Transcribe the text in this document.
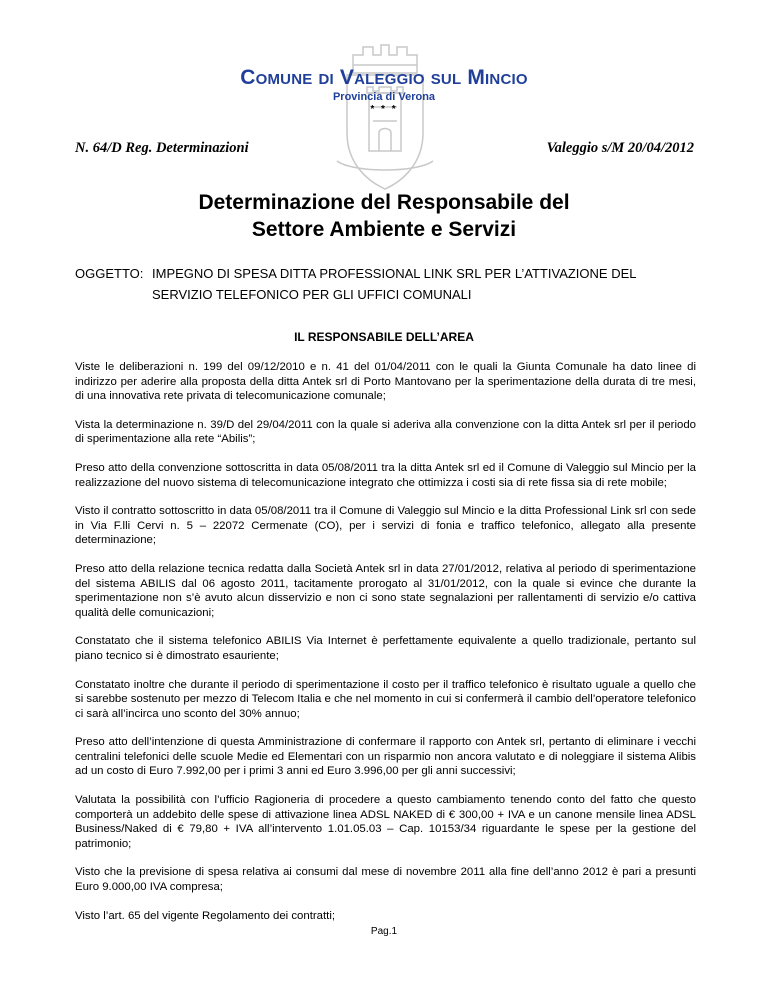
Comune di Valeggio sul Mincio
Provincia di Verona
* * *
N. 64/D Reg. Determinazioni	Valeggio s/M 20/04/2012
Determinazione del Responsabile del
Settore Ambiente e Servizi
OGGETTO: IMPEGNO DI SPESA DITTA PROFESSIONAL LINK SRL PER L’ATTIVAZIONE DEL
SERVIZIO TELEFONICO PER GLI UFFICI COMUNALI
IL RESPONSABILE DELL’AREA

Viste le deliberazioni n. 199 del 09/12/2010 e n. 41 del 01/04/2011 con le quali la Giunta Comunale ha dato linee di indirizzo per aderire alla proposta della ditta Antek srl di Porto Mantovano per la sperimentazione della durata di tre mesi, di una innovativa rete privata di telecomunicazione comunale;

Vista la determinazione n. 39/D del 29/04/2011 con la quale si aderiva alla convenzione con la ditta Antek srl per il periodo di sperimentazione alla rete “Abilis”;

Preso atto della convenzione sottoscritta in data 05/08/2011 tra la ditta Antek srl ed il Comune di Valeggio sul Mincio per la realizzazione del nuovo sistema di telecomunicazione integrato che ottimizza i costi sia di rete fissa sia di rete mobile;

Visto il contratto sottoscritto in data 05/08/2011 tra il Comune di Valeggio sul Mincio e la ditta Professional Link srl con sede in Via F.lli Cervi n. 5 – 22072 Cermenate (CO), per i servizi di fonia e traffico telefonico, allegato alla presente determinazione;

Preso atto della relazione tecnica redatta dalla Società Antek srl in data 27/01/2012, relativa al periodo di sperimentazione del sistema ABILIS dal 06 agosto 2011, tacitamente prorogato al 31/01/2012, con la quale si evince che durante la sperimentazione non s’è avuto alcun disservizio e non ci sono state segnalazioni per rallentamenti di servizio e/o cattiva qualità delle comunicazioni;

Constatato che il sistema telefonico ABILIS Via Internet è perfettamente equivalente a quello tradizionale, pertanto sul piano tecnico si è dimostrato esauriente;

Constatato inoltre che durante il periodo di sperimentazione il costo per il traffico telefonico è risultato uguale a quello che si sarebbe sostenuto per mezzo di Telecom Italia e che nel momento in cui si confermerà il cambio dell’operatore telefonico ci sarà all’incirca uno sconto del 30% annuo;

Preso atto dell’intenzione di questa Amministrazione di confermare il rapporto con Antek srl, pertanto di eliminare i vecchi centralini telefonici delle scuole Medie ed Elementari con un risparmio non ancora valutato e di noleggiare il sistema Alibis ad un costo di Euro 7.992,00 per i primi 3 anni ed Euro 3.996,00 per gli anni successivi;

Valutata la possibilità con l’ufficio Ragioneria di procedere a questo cambiamento tenendo conto del fatto che questo comporterà un addebito delle spese di attivazione linea ADSL NAKED di € 300,00 + IVA e un canone mensile linea ADSL Business/Naked di € 79,80 + IVA all’intervento 1.01.05.03 – Cap. 10153/34 riguardante le spese per la gestione del patrimonio;

Visto che la previsione di spesa relativa ai consumi dal mese di novembre 2011 alla fine dell’anno 2012 è pari a presunti Euro 9.000,00 IVA compresa;

Visto l’art. 65 del vigente Regolamento dei contratti;

Pag.1
